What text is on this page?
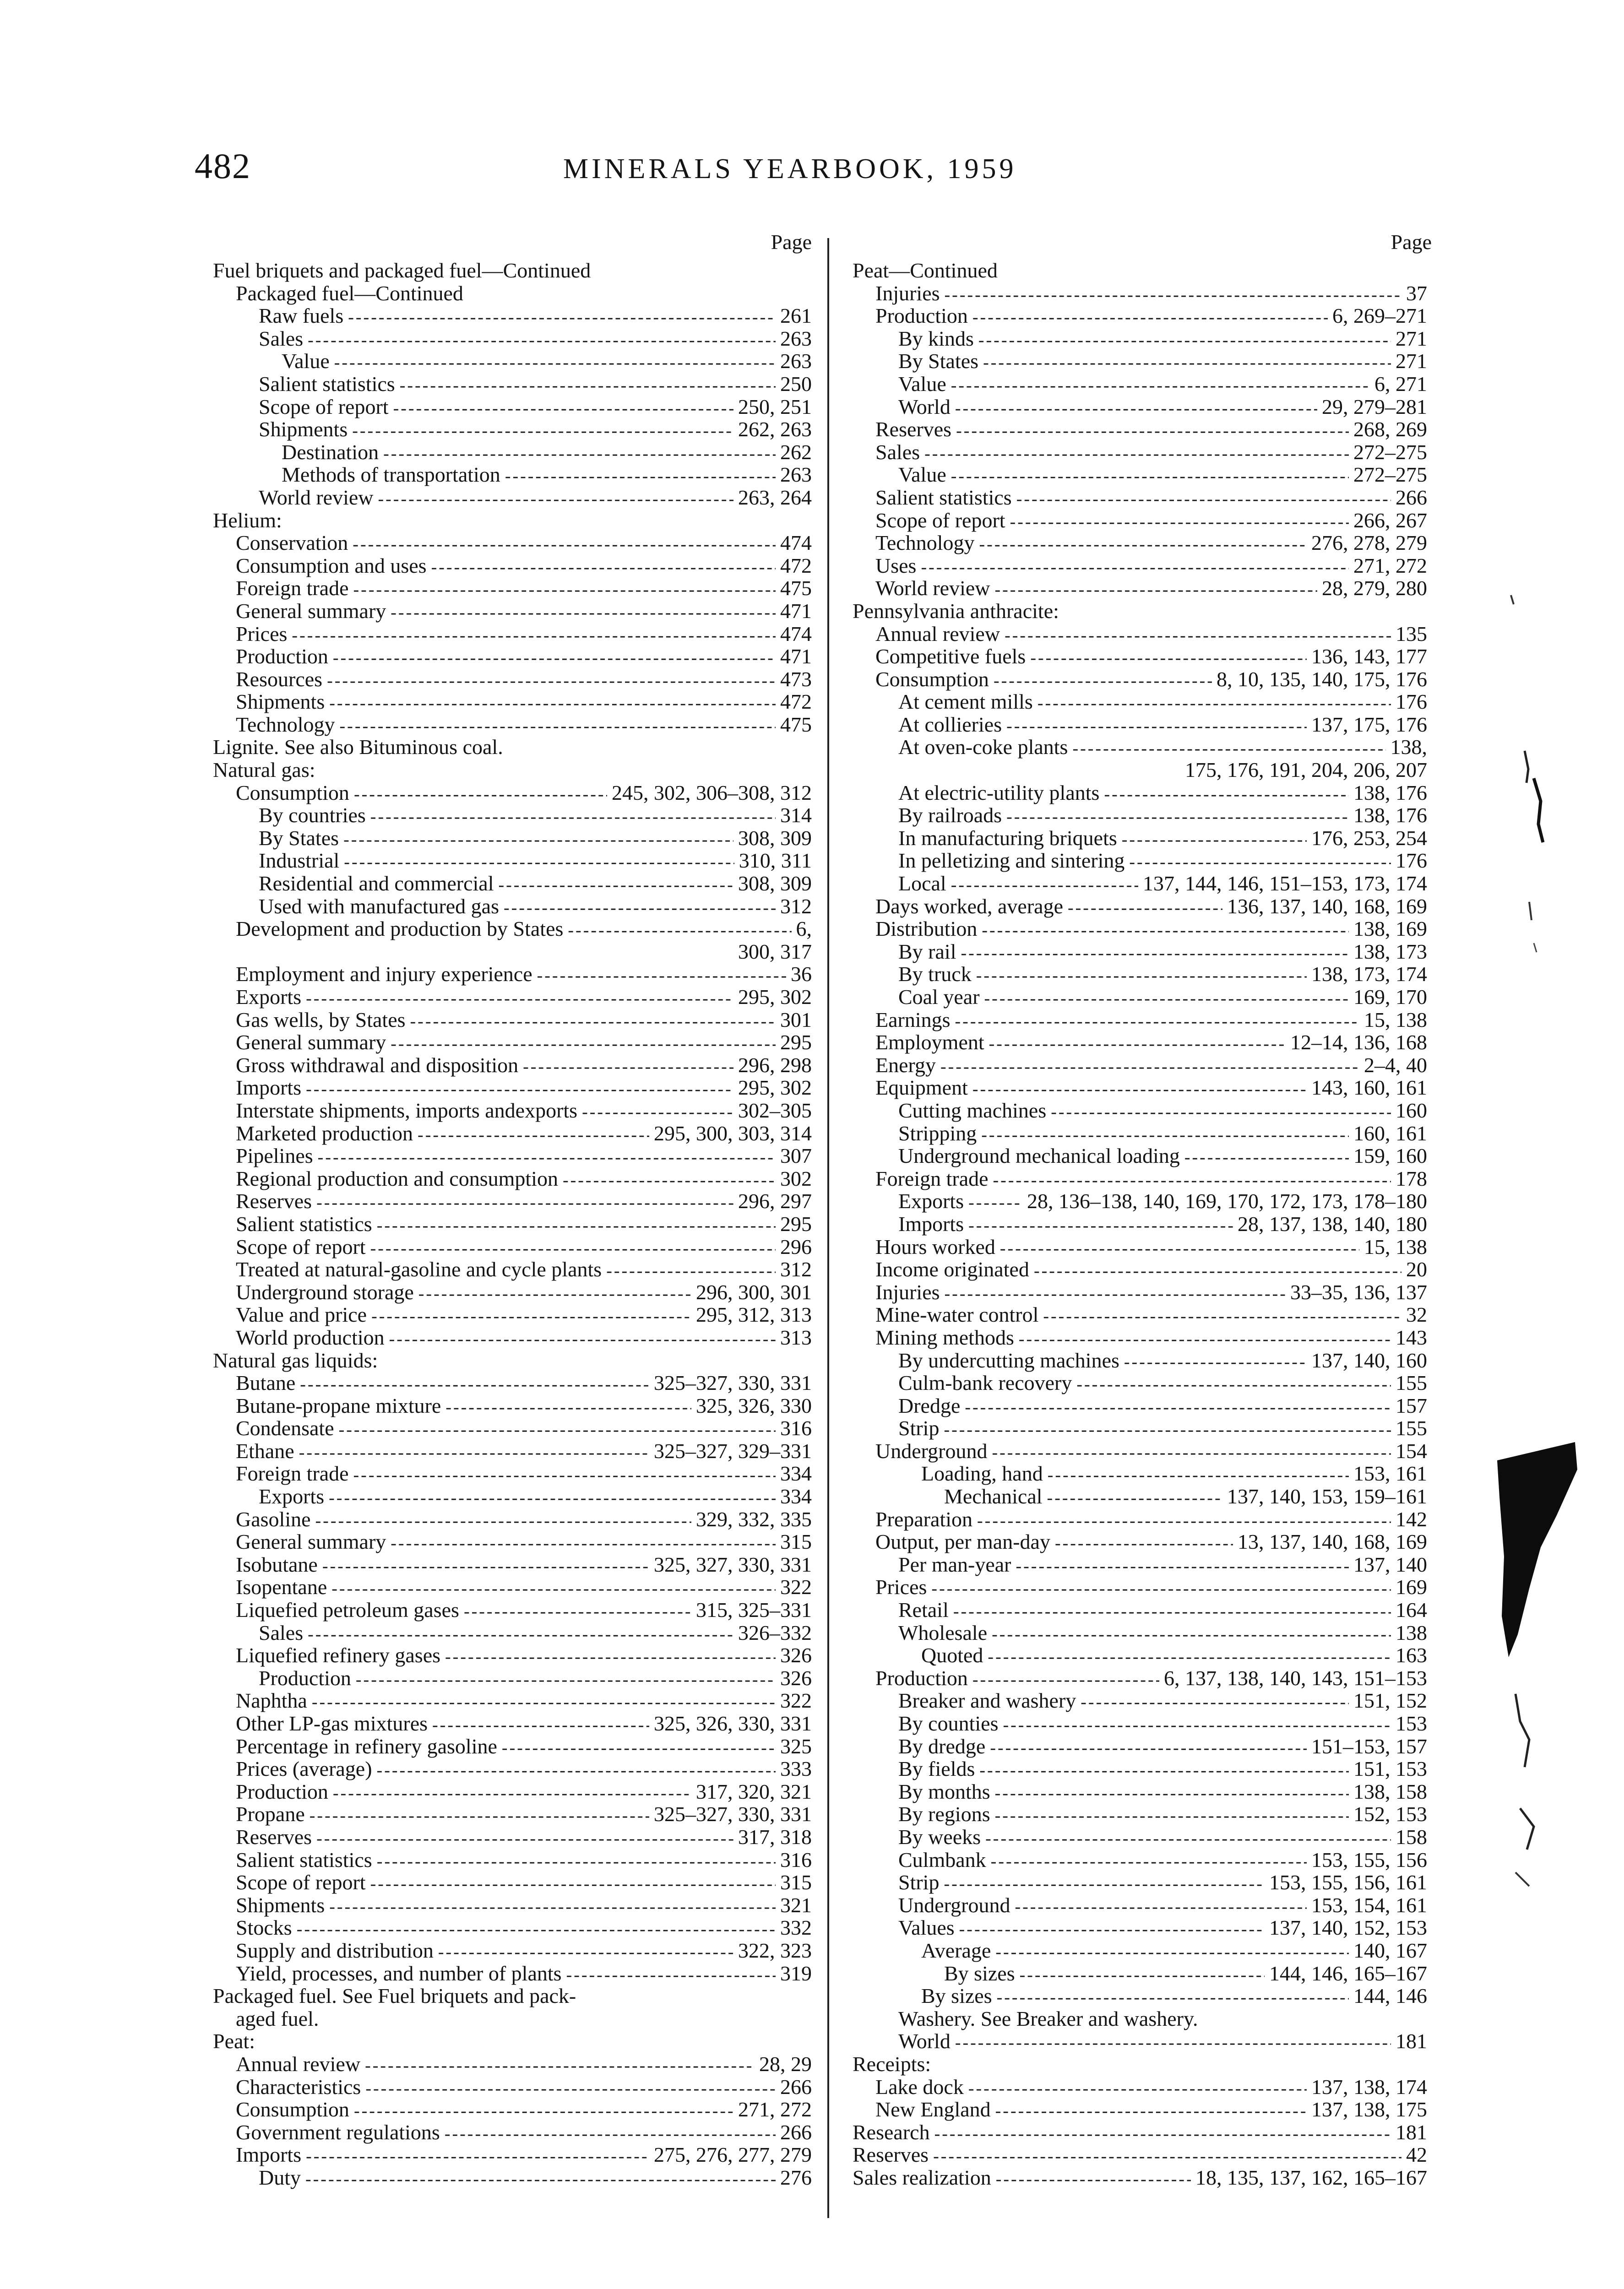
482	MINERALS YEARBOOK, 1959
Page
Fuel briquets and packaged fuel—Continued
Packaged fuel—Continued
Raw fuels -----	261
Sales -----	263
Value -----	263
Salient statistics -----	250
Scope of report -----	250, 251
Shipments -----	262, 263
Destination -----	262
Methods of transportation -----	263
World review -----	263, 264
Helium:
Conservation -----	474
Consumption and uses -----	472
Foreign trade -----	475
General summary -----	471
Prices -----	474
Production -----	471
Resources -----	473
Shipments -----	472
Technology -----	475
Lignite. See also Bituminous coal.
Natural gas:
Consumption -----	245, 302, 306–308, 312
By countries -----	314
By States -----	308, 309
Industrial -----	310, 311
Residential and commercial -----	308, 309
Used with manufactured gas -----	312
Development and production by States -----	6,
300, 317
Employment and injury experience -----	36
Exports -----	295, 302
Gas wells, by States -----	301
General summary -----	295
Gross withdrawal and disposition -----	296, 298
Imports -----	295, 302
Interstate shipments, imports andexports -----	302–305
Marketed production -----	295, 300, 303, 314
Pipelines -----	307
Regional production and consumption -----	302
Reserves -----	296, 297
Salient statistics -----	295
Scope of report -----	296
Treated at natural-gasoline and cycle plants -----	312
Underground storage -----	296, 300, 301
Value and price -----	295, 312, 313
World production -----	313
Natural gas liquids:
Butane -----	325–327, 330, 331
Butane-propane mixture -----	325, 326, 330
Condensate -----	316
Ethane -----	325–327, 329–331
Foreign trade -----	334
Exports -----	334
Gasoline -----	329, 332, 335
General summary -----	315
Isobutane -----	325, 327, 330, 331
Isopentane -----	322
Liquefied petroleum gases -----	315, 325–331
Sales -----	326–332
Liquefied refinery gases -----	326
Production -----	326
Naphtha -----	322
Other LP-gas mixtures -----	325, 326, 330, 331
Percentage in refinery gasoline -----	325
Prices (average) -----	333
Production -----	317, 320, 321
Propane -----	325–327, 330, 331
Reserves -----	317, 318
Salient statistics -----	316
Scope of report -----	315
Shipments -----	321
Stocks -----	332
Supply and distribution -----	322, 323
Yield, processes, and number of plants -----	319
Packaged fuel. See Fuel briquets and pack-
aged fuel.
Peat:
Annual review -----	28, 29
Characteristics -----	266
Consumption -----	271, 272
Government regulations -----	266
Imports -----	275, 276, 277, 279
Duty -----	276
Page
Peat—Continued
Injuries -----	37
Production -----	6, 269–271
By kinds -----	271
By States -----	271
Value -----	6, 271
World -----	29, 279–281
Reserves -----	268, 269
Sales -----	272–275
Value -----	272–275
Salient statistics -----	266
Scope of report -----	266, 267
Technology -----	276, 278, 279
Uses -----	271, 272
World review -----	28, 279, 280
Pennsylvania anthracite:
Annual review -----	135
Competitive fuels -----	136, 143, 177
Consumption -----	8, 10, 135, 140, 175, 176
At cement mills -----	176
At collieries -----	137, 175, 176
At oven-coke plants -----	138,
175, 176, 191, 204, 206, 207
At electric-utility plants -----	138, 176
By railroads -----	138, 176
In manufacturing briquets -----	176, 253, 254
In pelletizing and sintering -----	176
Local -----	137, 144, 146, 151–153, 173, 174
Days worked, average -----	136, 137, 140, 168, 169
Distribution -----	138, 169
By rail -----	138, 173
By truck -----	138, 173, 174
Coal year -----	169, 170
Earnings -----	15, 138
Employment -----	12–14, 136, 168
Energy -----	2–4, 40
Equipment -----	143, 160, 161
Cutting machines -----	160
Stripping -----	160, 161
Underground mechanical loading -----	159, 160
Foreign trade -----	178
Exports -----	28, 136–138, 140, 169, 170, 172, 173, 178–180
Imports -----	28, 137, 138, 140, 180
Hours worked -----	15, 138
Income originated -----	20
Injuries -----	33–35, 136, 137
Mine-water control -----	32
Mining methods -----	143
By undercutting machines -----	137, 140, 160
Culm-bank recovery -----	155
Dredge -----	157
Strip -----	155
Underground -----	154
Loading, hand -----	153, 161
Mechanical -----	137, 140, 153, 159–161
Preparation -----	142
Output, per man-day -----	13, 137, 140, 168, 169
Per man-year -----	137, 140
Prices -----	169
Retail -----	164
Wholesale -----	138
Quoted -----	163
Production -----	6, 137, 138, 140, 143, 151–153
Breaker and washery -----	151, 152
By counties -----	153
By dredge -----	151–153, 157
By fields -----	151, 153
By months -----	138, 158
By regions -----	152, 153
By weeks -----	158
Culmbank -----	153, 155, 156
Strip -----	153, 155, 156, 161
Underground -----	153, 154, 161
Values -----	137, 140, 152, 153
Average -----	140, 167
By sizes -----	144, 146, 165–167
By sizes -----	144, 146
Washery. See Breaker and washery.
World -----	181
Receipts:
Lake dock -----	137, 138, 174
New England -----	137, 138, 175
Research -----	181
Reserves -----	42
Sales realization -----	18, 135, 137, 162, 165–167
